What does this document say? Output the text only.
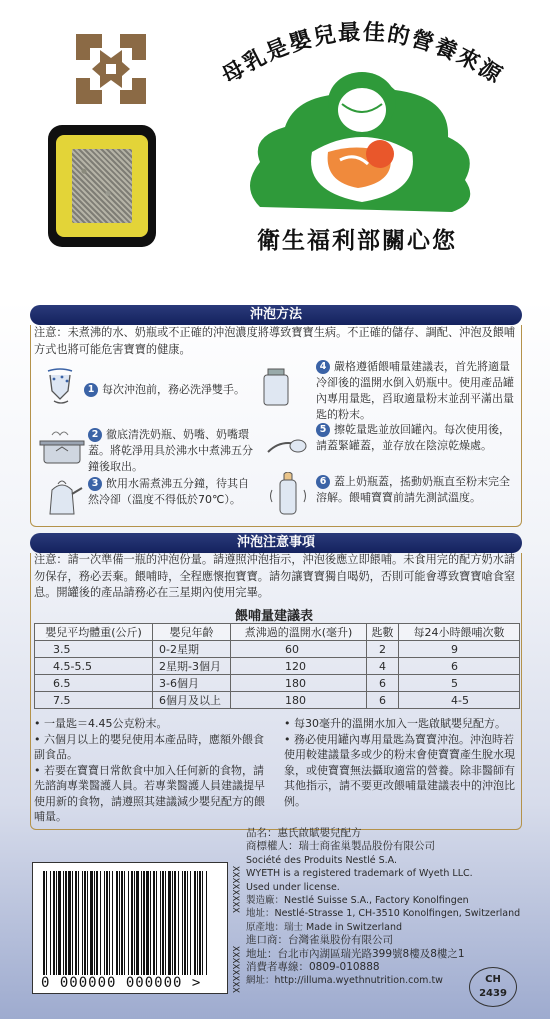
母乳是嬰兒最佳的營養來源
衛生福利部關心您
沖泡方法
注意：未煮沸的水、奶瓶或不正確的沖泡濃度將導致寶寶生病。不正確的儲存、調配、沖泡及餵哺方式也將可能危害寶寶的健康。
1 每次沖泡前，務必洗淨雙手。
2 徹底清洗奶瓶、奶嘴、奶嘴環蓋。將乾淨用具於沸水中煮沸五分鐘後取出。
3 飲用水需煮沸五分鐘，待其自然冷卻（溫度不得低於70℃）。
4 嚴格遵循餵哺量建議表，首先將適量冷卻後的溫開水倒入奶瓶中。使用產品罐內專用量匙，舀取適量粉末並刮平滿出量匙的粉末。
5 擦乾量匙並放回罐內。每次使用後，請蓋緊罐蓋，並存放在陰涼乾燥處。
6 蓋上奶瓶蓋，搖動奶瓶直至粉末完全溶解。餵哺寶寶前請先測試溫度。
沖泡注意事項
注意：請一次準備一瓶的沖泡份量。請遵照沖泡指示，沖泡後應立即餵哺。未食用完的配方奶水請勿保存，務必丟棄。餵哺時，全程應懷抱寶寶。請勿讓寶寶獨自喝奶，否則可能會導致寶寶嗆食窒息。開罐後的產品請務必在三星期內使用完畢。
餵哺量建議表
嬰兒平均體重(公斤)	嬰兒年齡	煮沸過的溫開水(毫升)	匙數	每24小時餵哺次數
3.5	0-2星期	60	2	9
4.5-5.5	2星期-3個月	120	4	6
6.5	3-6個月	180	6	5
7.5	6個月及以上	180	6	4-5

• 一量匙＝4.45公克粉末。

• 六個月以上的嬰兒使用本產品時，應額外餵食副食品。

• 若要在寶寶日常飲食中加入任何新的食物，請先諮詢專業醫護人員。若專業醫護人員建議提早使用新的食物，請遵照其建議減少嬰兒配方的餵哺量。

• 每30毫升的溫開水加入一匙啟賦嬰兒配方。

• 務必使用罐內專用量匙為寶寶沖泡。沖泡時若使用較建議量多或少的粉末會使寶寶產生脫水現象，或使寶寶無法攝取適當的營養。除非醫師有其他指示，請不要更改餵哺量建議表中的沖泡比例。

0 000000 000000 >
XXXXXXXX
XXXXXXXX
品名：惠氏啟賦嬰兒配方
商標權人：瑞士商雀巢製品股份有限公司
Société des Produits Nestlé S.A.
WYETH is a registered trademark of Wyeth LLC.
Used under license.
製造廠：Nestlé Suisse S.A., Factory Konolfingen
地址：Nestlé-Strasse 1, CH-3510 Konolfingen, Switzerland
原產地：瑞士 Made in Switzerland
進口商：台灣雀巢股份有限公司
地址：台北市內湖區瑞光路399號8樓及8樓之1
消費者專線：0809-010888
網址：http://illuma.wyethnutrition.com.tw	CH
2439
